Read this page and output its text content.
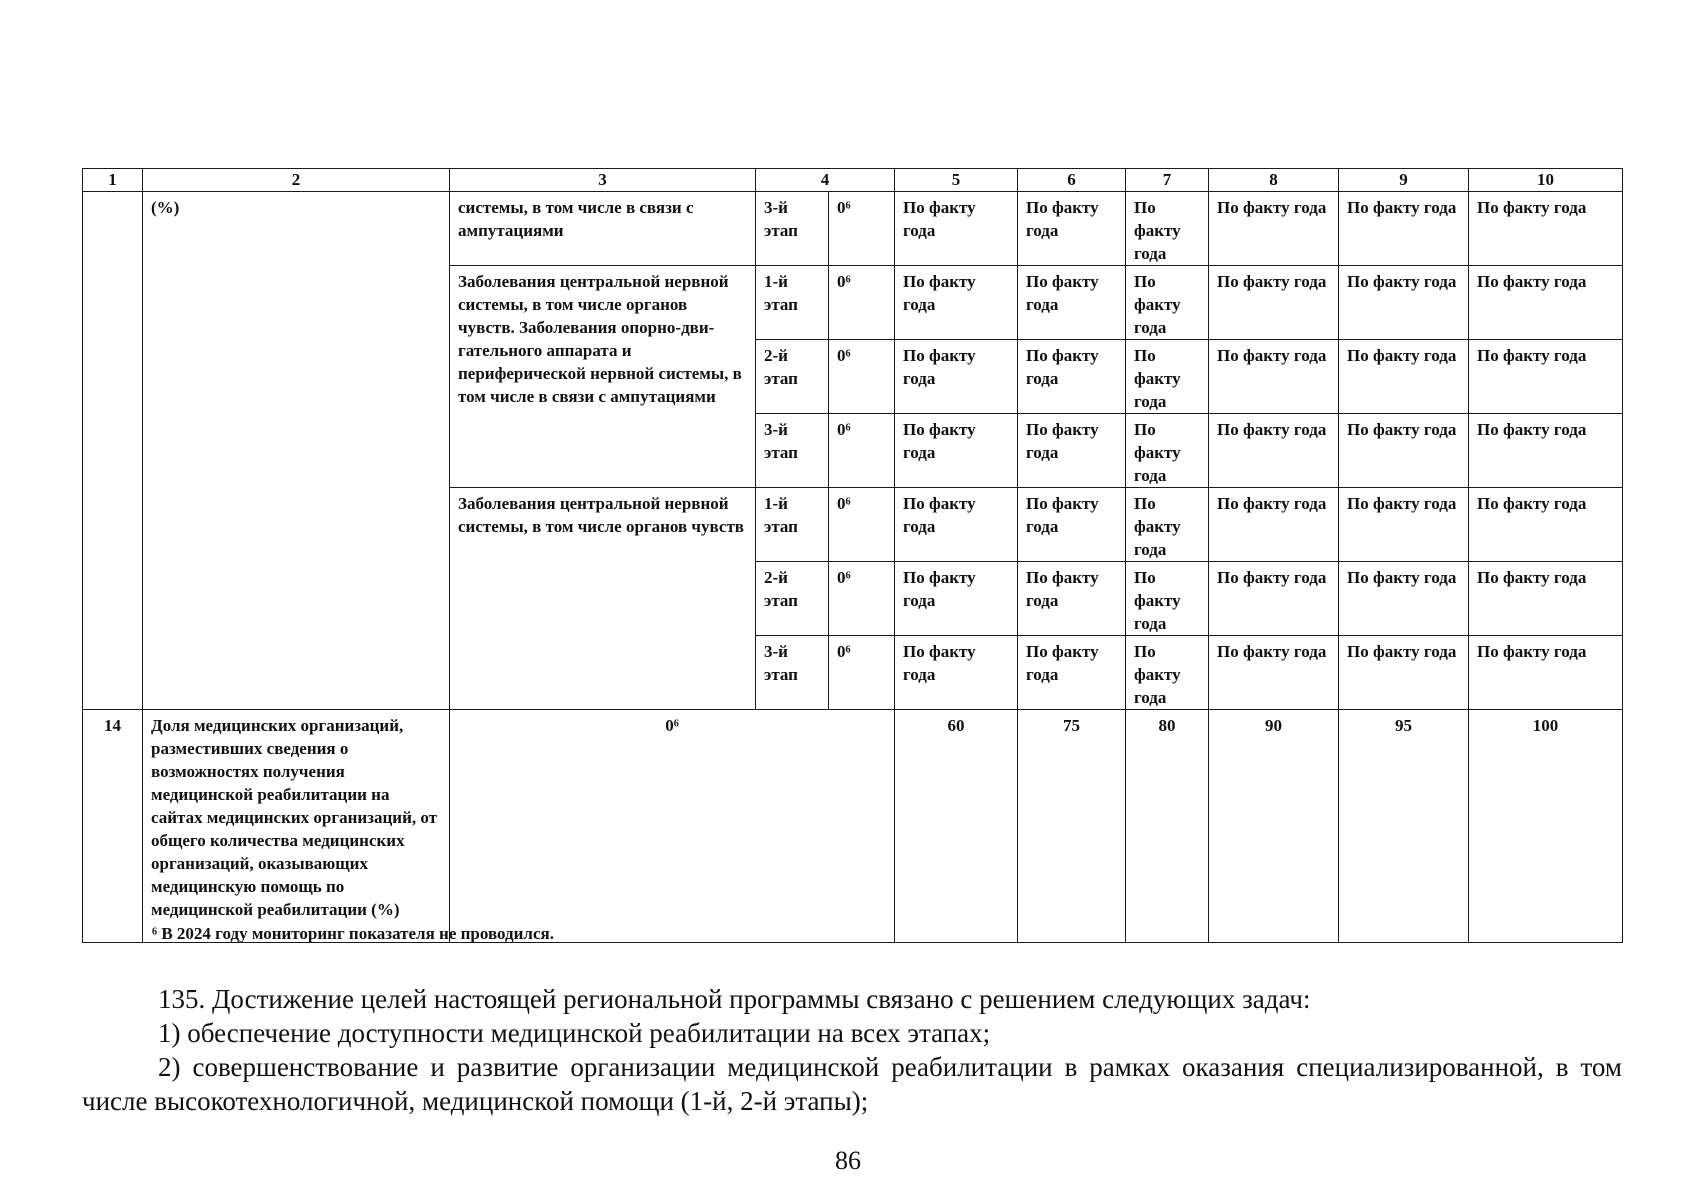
1	2	3	4		5	6	7	8	9	10
	(%)	системы, в том числе в связи с ампутациями	3-й этап	0⁶	По факту года	По факту года	По факту года	По факту года	По факту года	По факту года
		Заболевания центральной нервной системы, в том числе органов чувств. Заболевания опорно-дви-гательного аппарата и периферической нервной системы, в том числе в связи с ампутациями	1-й этап	0⁶	По факту года	По факту года	По факту года	По факту года	По факту года	По факту года
			2-й этап	0⁶	По факту года	По факту года	По факту года	По факту года	По факту года	По факту года
			3-й этап	0⁶	По факту года	По факту года	По факту года	По факту года	По факту года	По факту года
		Заболевания центральной нервной системы, в том числе органов чувств	1-й этап	0⁶	По факту года	По факту года	По факту года	По факту года	По факту года	По факту года
			2-й этап	0⁶	По факту года	По факту года	По факту года	По факту года	По факту года	По факту года
			3-й этап	0⁶	По факту года	По факту года	По факту года	По факту года	По факту года	По факту года
14	Доля медицинских организаций, разместивших сведения о возможностях получения медицинской реабилитации на сайтах медицинских организаций, от общего количества медицинских организаций, оказывающих медицинскую помощь по медицинской реабилитации (%)	0⁶			60	75	80	90	95	100
⁶ В 2024 году мониторинг показателя не проводился.
135. Достижение целей настоящей региональной программы связано с решением следующих задач:
1) обеспечение доступности медицинской реабилитации на всех этапах;
2) совершенствование и развитие организации медицинской реабилитации в рамках оказания специализированной, в том числе высокотехнологичной, медицинской помощи (1-й, 2-й этапы);
86
